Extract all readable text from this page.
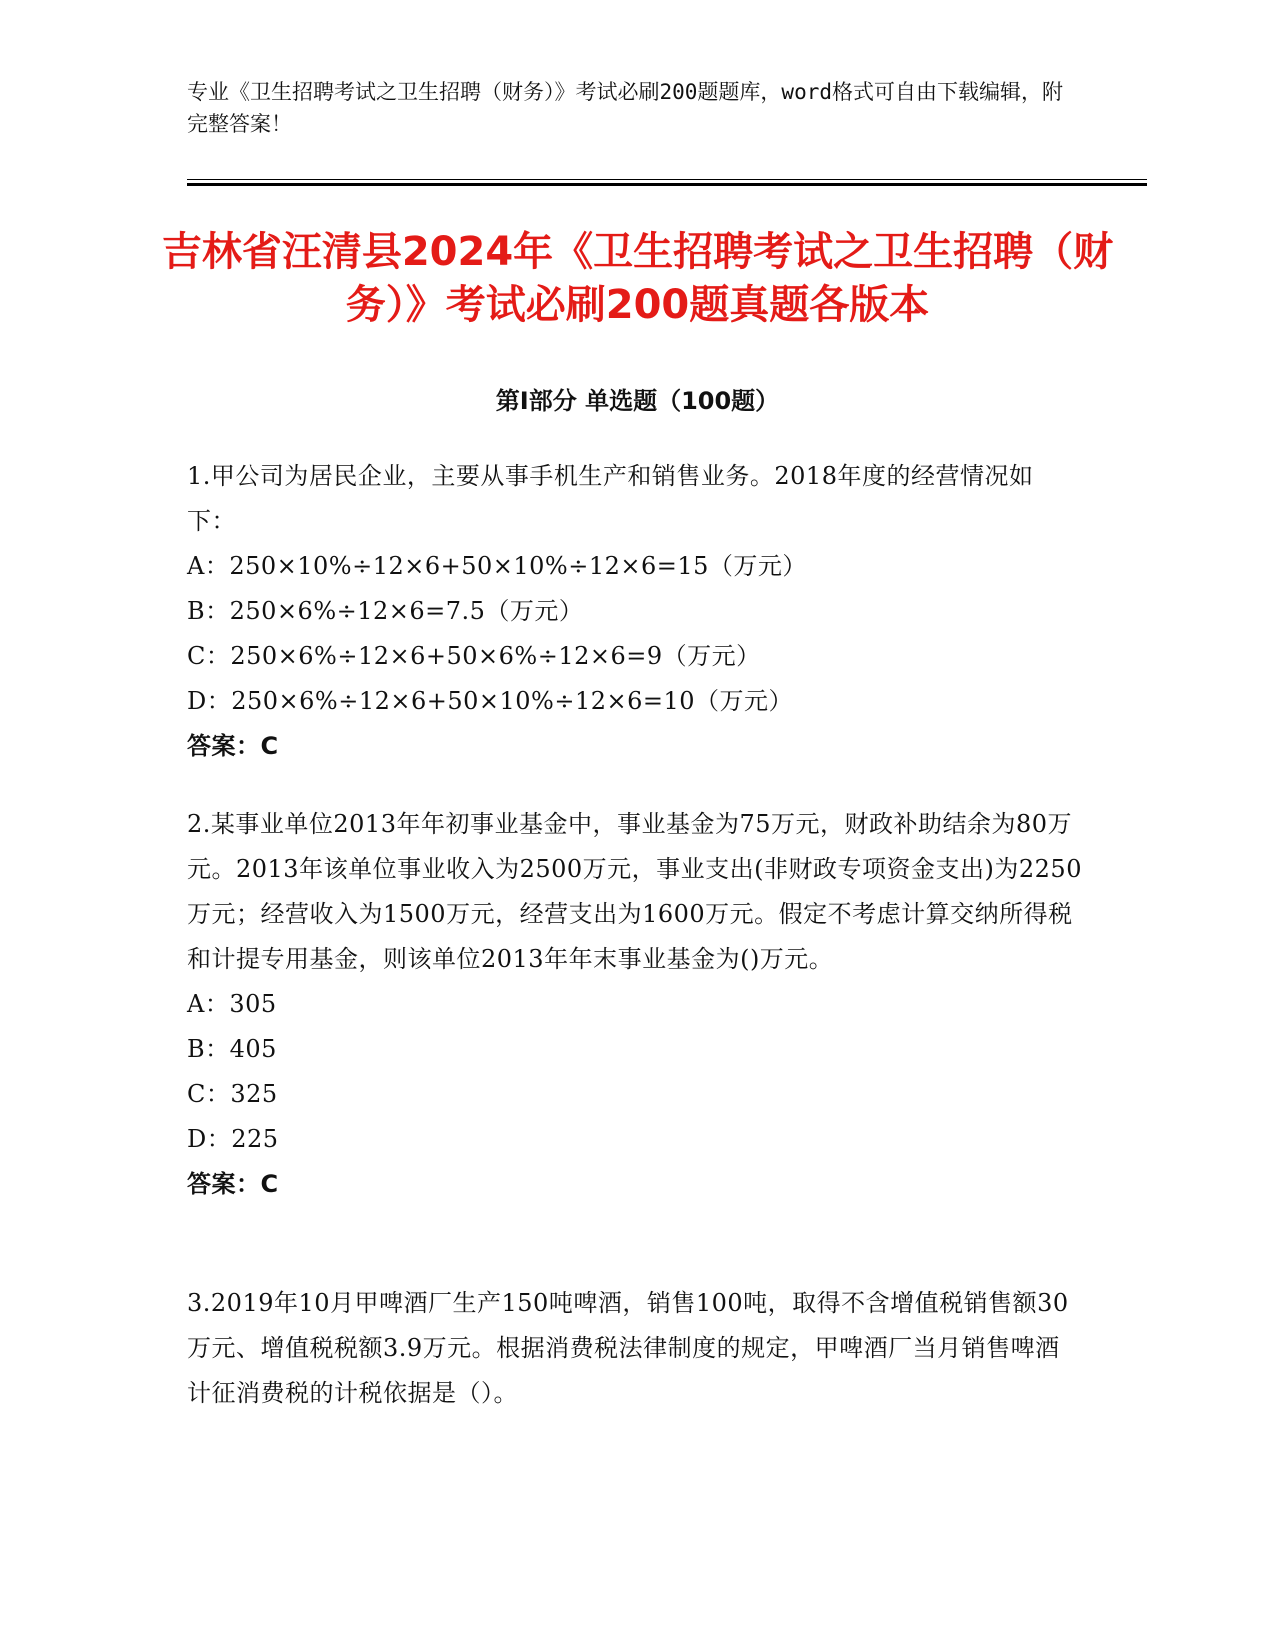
专业《卫生招聘考试之卫生招聘（财务）》考试必刷200题题库，word格式可自由下载编辑，附完整答案！
吉林省汪清县2024年《卫生招聘考试之卫生招聘（财务）》考试必刷200题真题各版本
第Ⅰ部分 单选题（100题）

1.甲公司为居民企业，主要从事手机生产和销售业务。2018年度的经营情况如下：

A：250×10%÷12×6+50×10%÷12×6=15（万元）

B：250×6%÷12×6=7.5（万元）

C：250×6%÷12×6+50×6%÷12×6=9（万元）

D：250×6%÷12×6+50×10%÷12×6=10（万元）

答案：C

2.某事业单位2013年年初事业基金中，事业基金为75万元，财政补助结余为80万元。2013年该单位事业收入为2500万元，事业支出(非财政专项资金支出)为2250万元；经营收入为1500万元，经营支出为1600万元。假定不考虑计算交纳所得税和计提专用基金，则该单位2013年年末事业基金为()万元。

A：305

B：405

C：325

D：225

答案：C

3.2019年10月甲啤酒厂生产150吨啤酒，销售100吨，取得不含增值税销售额30万元、增值税税额3.9万元。根据消费税法律制度的规定，甲啤酒厂当月销售啤酒计征消费税的计税依据是（）。
